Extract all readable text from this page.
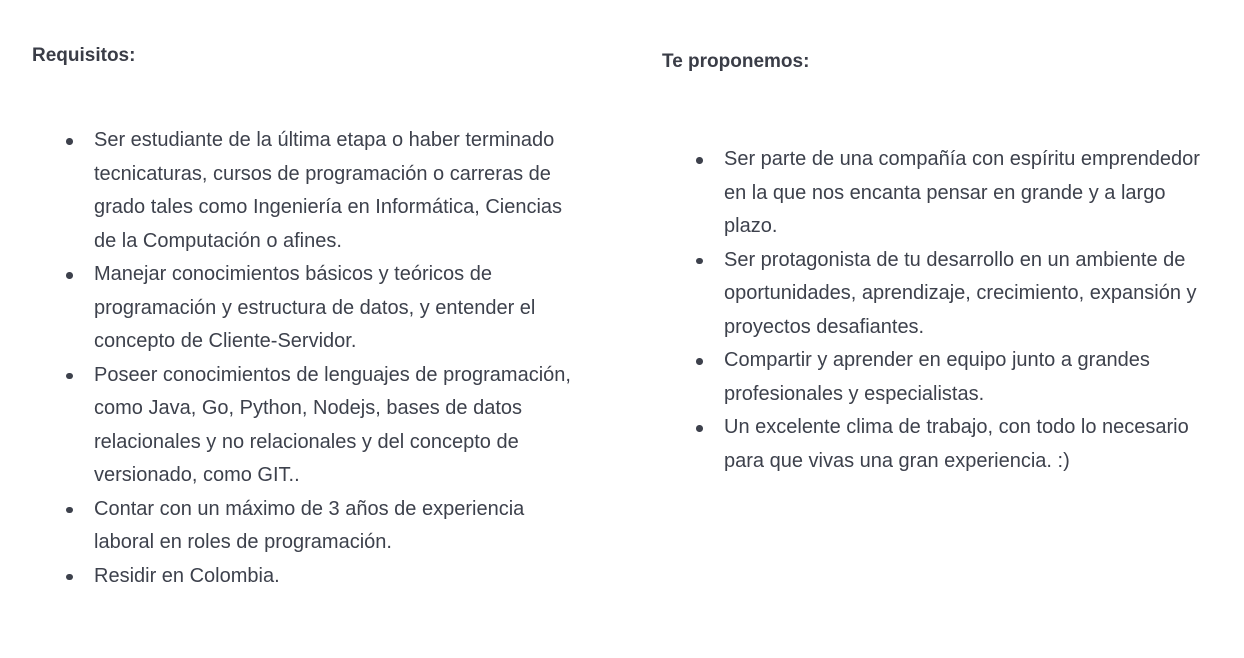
Requisitos:
Ser estudiante de la última etapa o haber terminado tecnicaturas, cursos de programación o carreras de grado tales como Ingeniería en Informática, Ciencias de la Computación o afines.
Manejar conocimientos básicos y teóricos de programación y estructura de datos, y entender el concepto de Cliente-Servidor.
Poseer conocimientos de lenguajes de programación, como Java, Go, Python, Nodejs, bases de datos relacionales y no relacionales y del concepto de versionado, como GIT..
Contar con un máximo de 3 años de experiencia laboral en roles de programación.
Residir en Colombia.
Te proponemos:
Ser parte de una compañía con espíritu emprendedor en la que nos encanta pensar en grande y a largo plazo.
Ser protagonista de tu desarrollo en un ambiente de oportunidades, aprendizaje, crecimiento, expansión y proyectos desafiantes.
Compartir y aprender en equipo junto a grandes profesionales y especialistas.
Un excelente clima de trabajo, con todo lo necesario para que vivas una gran experiencia. :)
